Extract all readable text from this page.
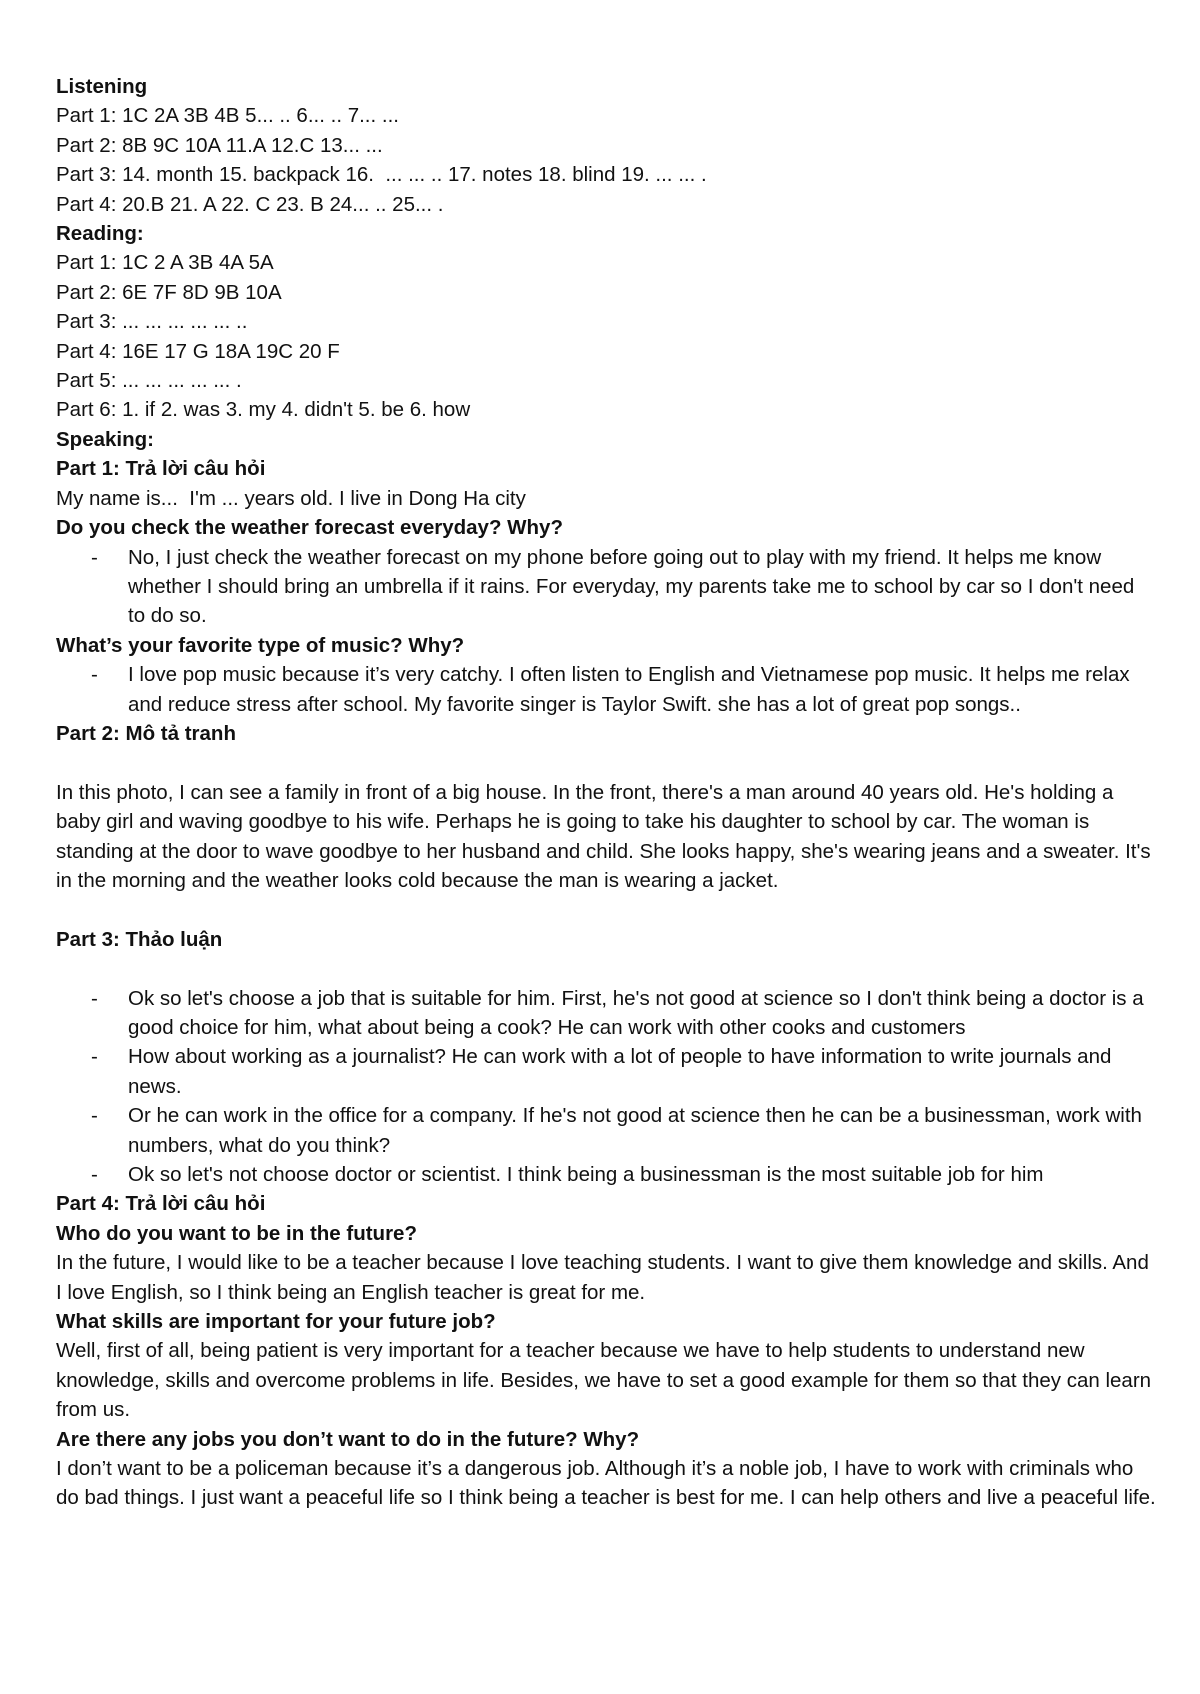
Listening

Part 1: 1C 2A 3B 4B 5... .. 6... .. 7... ...

Part 2: 8B 9C 10A 11.A 12.C 13... ...

Part 3: 14. month 15. backpack 16.  ... ... .. 17. notes 18. blind 19. ... ... .

Part 4: 20.B 21. A 22. C 23. B 24... .. 25... .

Reading:

Part 1: 1C 2 A 3B 4A 5A

Part 2: 6E 7F 8D 9B 10A

Part 3: ... ... ... ... ... ..

Part 4: 16E 17 G 18A 19C 20 F

Part 5: ... ... ... ... ... .

Part 6: 1. if 2. was 3. my 4. didn't 5. be 6. how

Speaking:

Part 1: Trả lời câu hỏi

My name is...  I'm ... years old. I live in Dong Ha city

Do you check the weather forecast everyday? Why?

-	No, I just check the weather forecast on my phone before going out to play with my friend. It helps me know whether I should bring an umbrella if it rains. For everyday, my parents take me to school by car so I don't need to do so.

What’s your favorite type of music? Why?

-	I love pop music because it’s very catchy. I often listen to English and Vietnamese pop music. It helps me relax and reduce stress after school. My favorite singer is Taylor Swift. she has a lot of great pop songs..

Part 2: Mô tả tranh

In this photo, I can see a family in front of a big house. In the front, there's a man around 40 years old. He's holding a baby girl and waving goodbye to his wife. Perhaps he is going to take his daughter to school by car. The woman is standing at the door to wave goodbye to her husband and child. She looks happy, she's wearing jeans and a sweater. It's in the morning and the weather looks cold because the man is wearing a jacket.

Part 3: Thảo luận

-	Ok so let's choose a job that is suitable for him. First, he's not good at science so I don't think being a doctor is a good choice for him, what about being a cook? He can work with other cooks and customers
-	How about working as a journalist? He can work with a lot of people to have information to write journals and news.
-	Or he can work in the office for a company. If he's not good at science then he can be a businessman, work with numbers, what do you think?
-	Ok so let's not choose doctor or scientist. I think being a businessman is the most suitable job for him

Part 4: Trả lời câu hỏi

Who do you want to be in the future?

In the future, I would like to be a teacher because I love teaching students. I want to give them knowledge and skills. And I love English, so I think being an English teacher is great for me.

What skills are important for your future job?

Well, first of all, being patient is very important for a teacher because we have to help students to understand new knowledge, skills and overcome problems in life. Besides, we have to set a good example for them so that they can learn from us.

Are there any jobs you don’t want to do in the future? Why?

I don’t want to be a policeman because it’s a dangerous job. Although it’s a noble job, I have to work with criminals who do bad things. I just want a peaceful life so I think being a teacher is best for me. I can help others and live a peaceful life.
